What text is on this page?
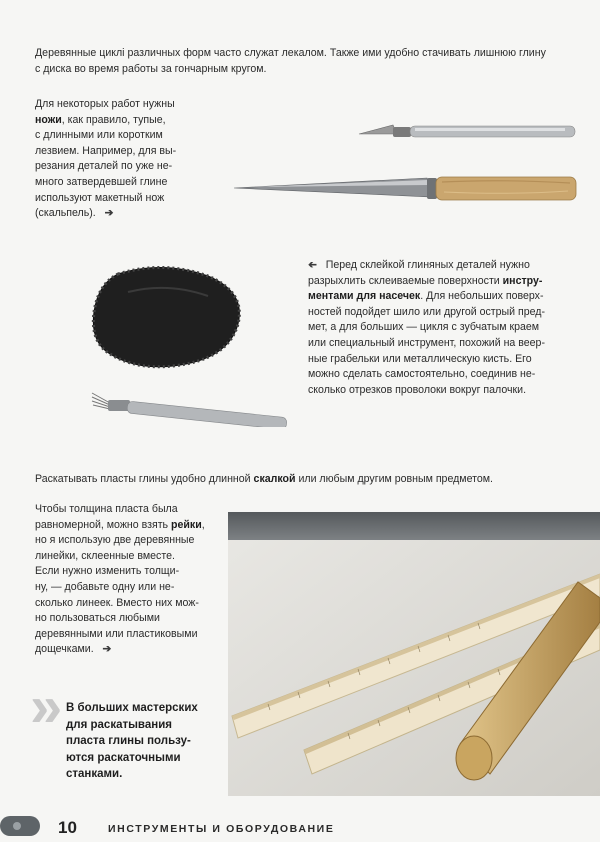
Деревянные циклі различных форм часто служат лекалом. Также ими удобно стачивать лишнюю глину
с диска во время работы за гончарным кругом.
Для некоторых работ нужны
ножи, как правило, тупые,
с длинными или коротким
лезвием. Например, для вы-
резания деталей по уже не-
много затвердевшей глине
используют макетный нож
(скальпель). ➔
➔ Перед склейкой глиняных деталей нужно
разрыхлить склеиваемые поверхности инстру-
ментами для насечек. Для небольших поверх-
ностей подойдет шило или другой острый пред-
мет, а для больших — цикля с зубчатым краем
или специальный инструмент, похожий на веер-
ные грабельки или металлическую кисть. Его
можно сделать самостоятельно, соединив не-
сколько отрезков проволоки вокруг палочки.
Раскатывать пласты глины удобно длинной скалкой или любым другим ровным предметом.
Чтобы толщина пласта была
равномерной, можно взять рейки,
но я использую две деревянные
линейки, склеенные вместе.
Если нужно изменить толщи-
ну, — добавьте одну или не-
сколько линеек. Вместо них мож-
но пользоваться любыми
деревянными или пластиковыми
дощечками. ➔
» В больших мастерских
для раскатывания
пласта глины пользу-
ются раскаточными
станками.
10	ИНСТРУМЕНТЫ И ОБОРУДОВАНИЕ
